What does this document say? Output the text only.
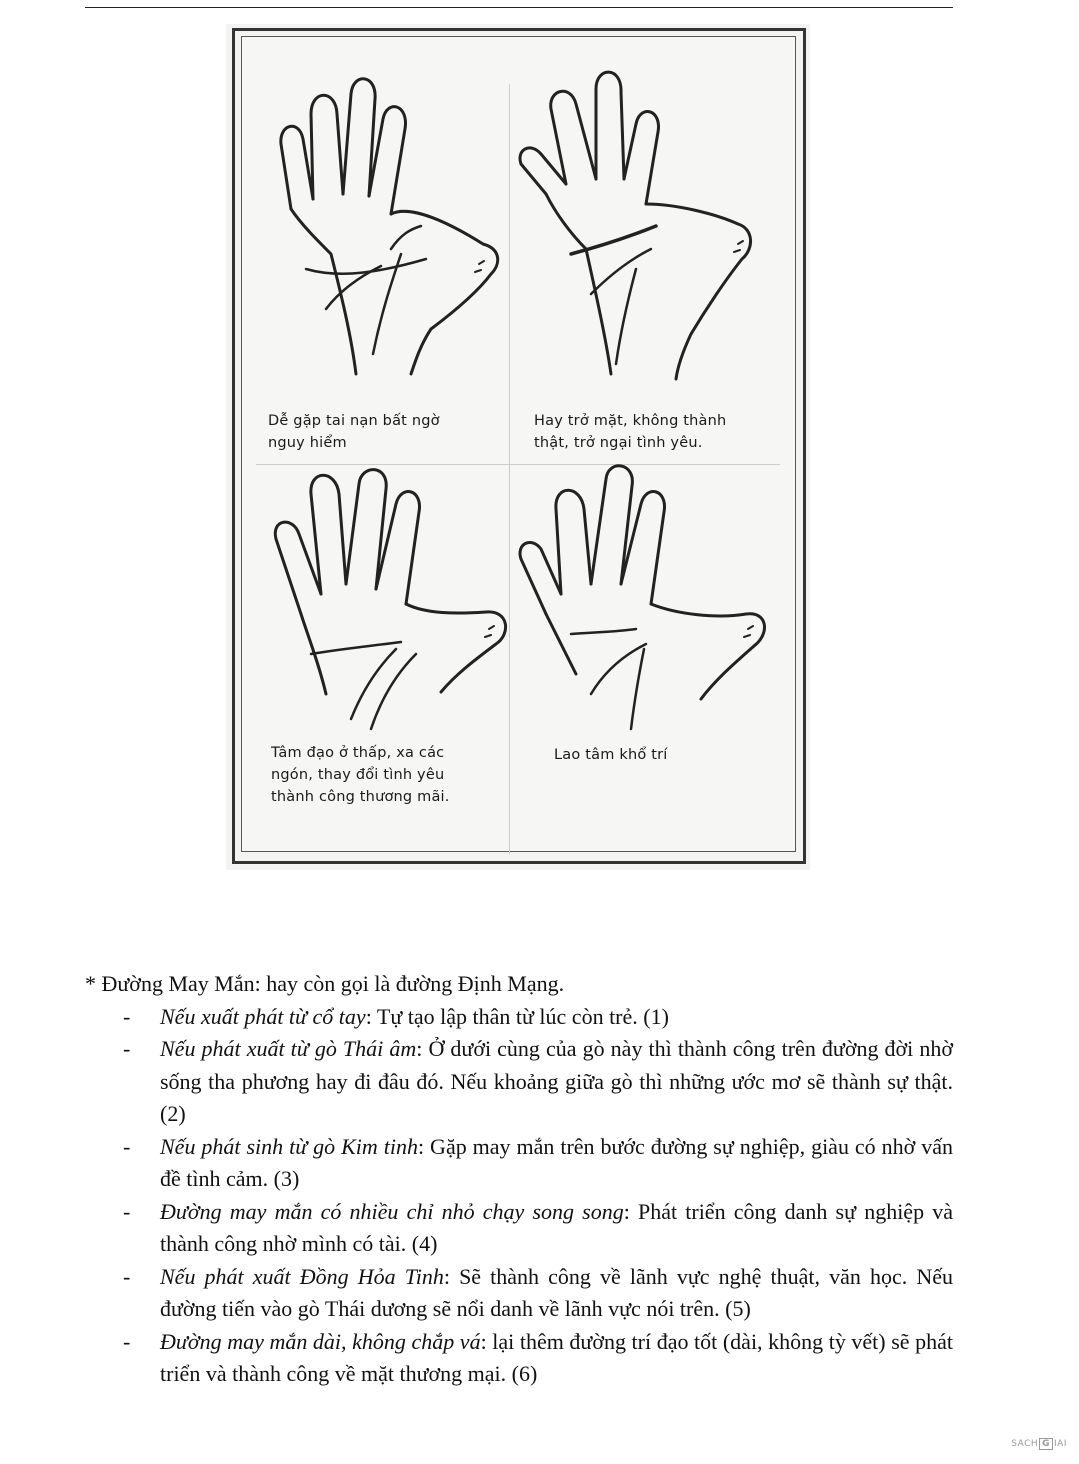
Dễ gặp tai nạn bất ngờ
nguy hiểm
Hay trở mặt, không thành
thật, trở ngại tình yêu.
Tâm đạo ở thấp, xa các
ngón, thay đổi tình yêu
thành công thương mãi.
Lao tâm khổ trí

* Đường May Mắn: hay còn gọi là đường Định Mạng.

- Nếu xuất phát từ cổ tay: Tự tạo lập thân từ lúc còn trẻ. (1)
- Nếu phát xuất từ gò Thái âm: Ở dưới cùng của gò này thì thành công trên đường đời nhờ sống tha phương hay đi đâu đó. Nếu khoảng giữa gò thì những ước mơ sẽ thành sự thật. (2)
- Nếu phát sinh từ gò Kim tinh: Gặp may mắn trên bước đường sự nghiệp, giàu có nhờ vấn đề tình cảm. (3)
- Đường may mắn có nhiều chỉ nhỏ chạy song song: Phát triển công danh sự nghiệp và thành công nhờ mình có tài. (4)
- Nếu phát xuất Đồng Hỏa Tinh: Sẽ thành công về lãnh vực nghệ thuật, văn học. Nếu đường tiến vào gò Thái dương sẽ nổi danh về lãnh vực nói trên. (5)
- Đường may mắn dài, không chắp vá: lại thêm đường trí đạo tốt (dài, không tỳ vết) sẽ phát triển và thành công về mặt thương mại. (6)
SACH G IAI
